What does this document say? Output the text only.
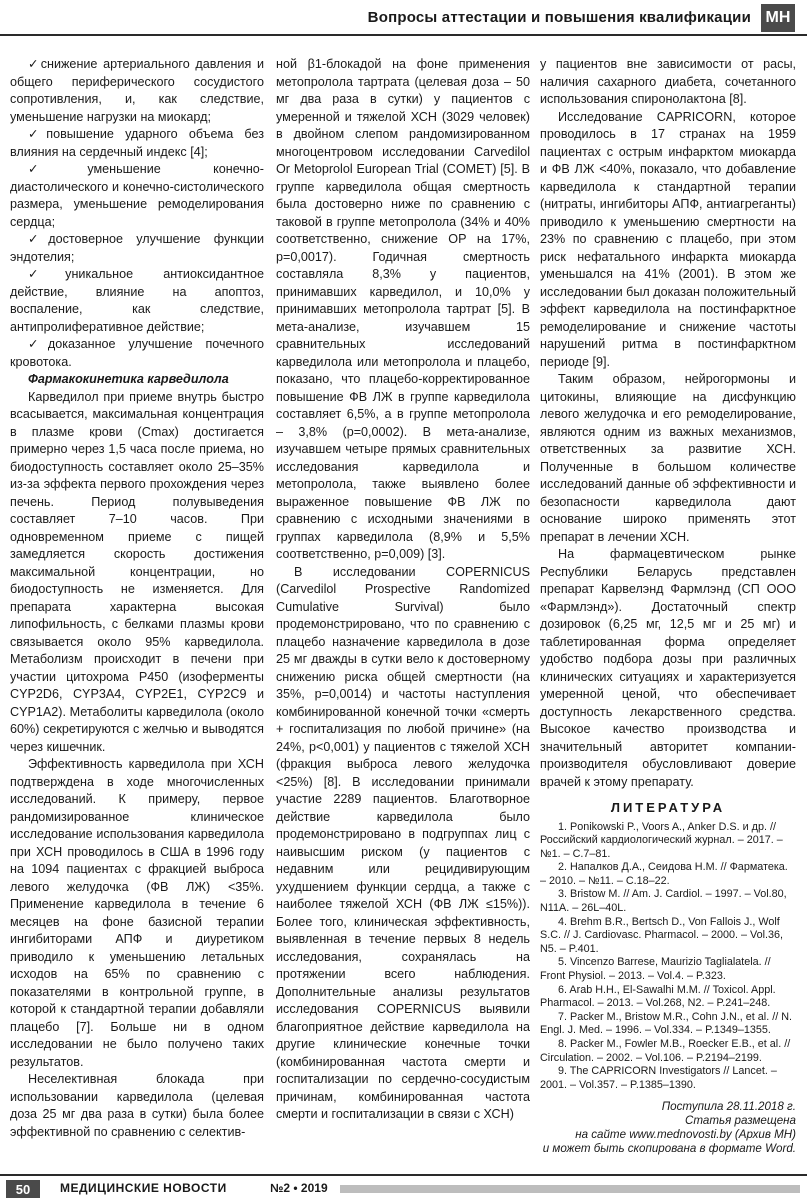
Вопросы аттестации и повышения квалификации МН

✓снижение артериального давления и общего периферического сосудистого сопротивления, и, как следствие, уменьшение нагрузки на миокард;

✓повышение ударного объема без влияния на сердечный индекс [4];

✓уменьшение конечно-диастолического и конечно-систолического размера, уменьшение ремоделирования сердца;

✓достоверное улучшение функции эндотелия;

✓уникальное антиоксидантное действие, влияние на апоптоз, воспаление, как следствие, антипролиферативное действие;

✓доказанное улучшение почечного кровотока.

Фармакокинетика карведилола

Карведилол при приеме внутрь быстро всасывается, максимальная концентрация в плазме крови (Cmax) достигается примерно через 1,5 часа после приема, но биодоступность составляет около 25–35% из-за эффекта первого прохождения через печень. Период полувыведения составляет 7–10 часов. При одновременном приеме с пищей замедляется скорость достижения максимальной концентрации, но биодоступность не изменяется. Для препарата характерна высокая липофильность, с белками плазмы крови связывается около 95% карведилола. Метаболизм происходит в печени при участии цитохрома Р450 (изоферменты CYP2D6, CYP3A4, CYP2E1, CYP2C9 и CYP1A2). Метаболиты карведилола (около 60%) секретируются с желчью и выводятся через кишечник.

Эффективность карведилола при ХСН подтверждена в ходе многочисленных исследований. К примеру, первое рандомизированное клиническое исследование использования карведилола при ХСН проводилось в США в 1996 году на 1094 пациентах с фракцией выброса левого желудочка (ФВ ЛЖ) <35%. Применение карведилола в течение 6 месяцев на фоне базисной терапии ингибиторами АПФ и диуретиком приводило к уменьшению летальных исходов на 65% по сравнению с показателями в контрольной группе, в которой к стандартной терапии добавляли плацебо [7]. Больше ни в одном исследовании не было получено таких результатов.

Неселективная блокада при использовании карведилола (целевая доза 25 мг два раза в сутки) была более эффективной по сравнению с селектив-

ной β1-блокадой на фоне применения метопролола тартрата (целевая доза – 50 мг два раза в сутки) у пациентов с умеренной и тяжелой ХСН (3029 человек) в двойном слепом рандомизированном многоцентровом исследовании Carvedilol Or Metoprolol European Trial (COMET) [5]. В группе карведилола общая смертность была достоверно ниже по сравнению с таковой в группе метопролола (34% и 40% соответственно, снижение ОР на 17%, p=0,0017). Годичная смертность составляла 8,3% у пациентов, принимавших карведилол, и 10,0% у принимавших метопролола тартрат [5]. В мета-анализе, изучавшем 15 сравнительных исследований карведилола или метопролола и плацебо, показано, что плацебо-корректированное повышение ФВ ЛЖ в группе карведилола составляет 6,5%, а в группе метопролола – 3,8% (p=0,0002). В мета-анализе, изучавшем четыре прямых сравнительных исследования карведилола и метопролола, также выявлено более выраженное повышение ФВ ЛЖ по сравнению с исходными значениями в группах карведилола (8,9% и 5,5% соответственно, p=0,009) [3].

В исследовании COPERNICUS (Carvedilol Prospective Randomized Cumulative Survival) было продемонстрировано, что по сравнению с плацебо назначение карведилола в дозе 25 мг дважды в сутки вело к достоверному снижению риска общей смертности (на 35%, p=0,0014) и частоты наступления комбинированной конечной точки «смерть + госпитализация по любой причине» (на 24%, p<0,001) у пациентов с тяжелой ХСН (фракция выброса левого желудочка <25%) [8]. В исследовании принимали участие 2289 пациентов. Благотворное действие карведилола было продемонстрировано в подгруппах лиц с наивысшим риском (у пациентов с недавним или рецидивирующим ухудшением функции сердца, а также с наиболее тяжелой ХСН (ФВ ЛЖ ≤15%)). Более того, клиническая эффективность, выявленная в течение первых 8 недель исследования, сохранялась на протяжении всего наблюдения. Дополнительные анализы результатов исследования COPERNICUS выявили благоприятное действие карведилола на другие клинические конечные точки (комбинированная частота смерти и госпитализации по сердечно-сосудистым причинам, комбинированная частота смерти и госпитализации в связи с ХСН)

у пациентов вне зависимости от расы, наличия сахарного диабета, сочетанного использования спиронолактона [8].

Исследование CAPRICORN, которое проводилось в 17 странах на 1959 пациентах с острым инфарктом миокарда и ФВ ЛЖ <40%, показало, что добавление карведилола к стандартной терапии (нитраты, ингибиторы АПФ, антиагреганты) приводило к уменьшению смертности на 23% по сравнению с плацебо, при этом риск нефатального инфаркта миокарда уменьшался на 41% (2001). В этом же исследовании был доказан положительный эффект карведилола на постинфарктное ремоделирование и снижение частоты нарушений ритма в постинфарктном периоде [9].

Таким образом, нейрогормоны и цитокины, влияющие на дисфункцию левого желудочка и его ремоделирование, являются одним из важных механизмов, ответственных за развитие ХСН. Полученные в большом количестве исследований данные об эффективности и безопасности карведилола дают основание широко применять этот препарат в лечении ХСН.

На фармацевтическом рынке Республики Беларусь представлен препарат Карвелэнд Фармлэнд (СП ООО «Фармлэнд»). Достаточный спектр дозировок (6,25 мг, 12,5 мг и 25 мг) и таблетированная форма определяет удобство подбора дозы при различных клинических ситуациях и характеризуется умеренной ценой, что обеспечивает доступность лекарственного средства. Высокое качество производства и значительный авторитет компании-производителя обусловливают доверие врачей к этому препарату.

ЛИТЕРАТУРА

1. Ponikowski P., Voors A., Anker D.S. и др. // Российский кардиологический журнал. – 2017. – №1. – С.7–81.

2. Напалков Д.А., Сеидова Н.М. // Фарматека. – 2010. – №11. – С.18–22.

3. Bristow M. // Am. J. Cardiol. – 1997. – Vol.80, N11A. – 26L–40L.

4. Brehm B.R., Bertsch D., Von Fallois J., Wolf S.C. // J. Cardiovasc. Pharmacol. – 2000. – Vol.36, N5. – P.401.

5. Vincenzo Barrese, Maurizio Taglialatela. // Front Physiol. – 2013. – Vol.4. – P.323.

6. Arab H.H., El-Sawalhi M.M. // Toxicol. Appl. Pharmacol. – 2013. – Vol.268, N2. – P.241–248.

7. Packer M., Bristow M.R., Cohn J.N., et al. // N. Engl. J. Med. – 1996. – Vol.334. – P.1349–1355.

8. Packer M., Fowler M.B., Roecker E.B., et al. // Circulation. – 2002. – Vol.106. – P.2194–2199.

9. The CAPRICORN Investigators // Lancet. – 2001. – Vol.357. – P.1385–1390.

Поступила 28.11.2018 г.
Статья размещена
на сайте www.mednovosti.by (Архив МН)
и может быть скопирована в формате Word.
50	МЕДИЦИНСКИЕ НОВОСТИ	№2 • 2019
